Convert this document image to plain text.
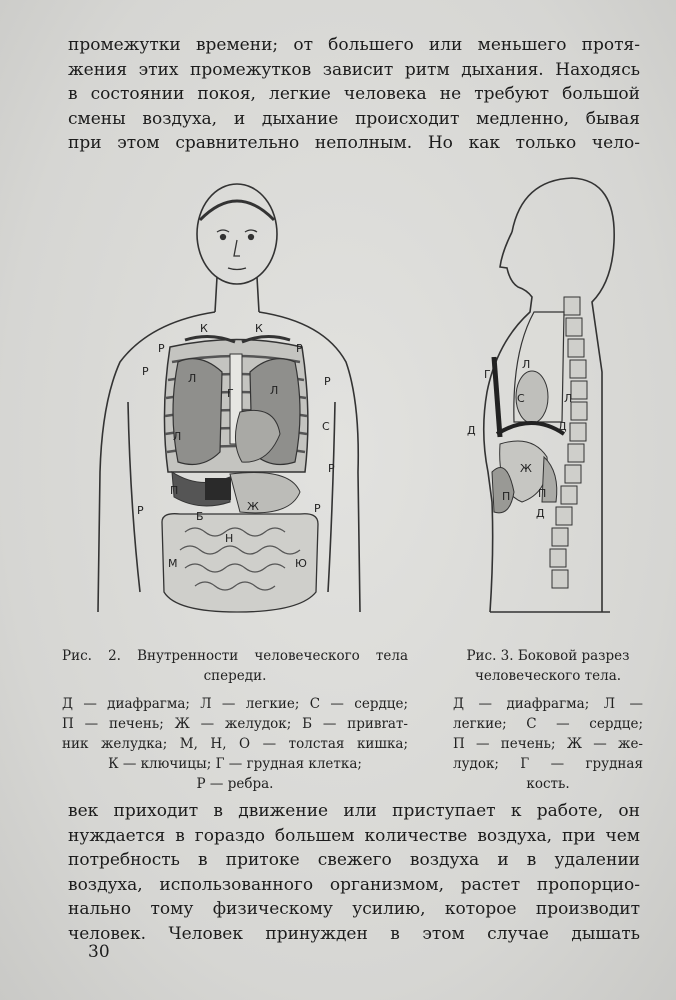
промежутки времени; от большего или меньшего протя-
жения этих промежутков зависит ритм дыхания. Находясь
в состоянии покоя, легкие человека не требуют большой
смены воздуха, и дыхание происходит медленно, бывая
при этом сравнительно неполным. Но как только чело-

К	К
Р	Р
Р
Р
Л
Л
Г
С
Р
Л
Р
Р
П
Ж
Б
Н
М	Ю
Г
Л
С	Л
Д	Д
Ж
П	П
Д
Рис. 2. Внутренности человеческого тела
спереди.
Д — диафрагма; Л — легкие; С — сердце;
П — печень; Ж — желудок; Б — привrат-
ник желудка; М, Н, О — толстая кишка;
К — ключицы; Г — грудная клетка;
Р — ребра.
Рис. 3. Боковой разрез
человеческого тела.
Д — диафрагма; Л —
легкие; С — сердце;
П — печень; Ж — же-
лудок; Г — грудная
кость.

век приходит в движение или приступает к работе, он
нуждается в гораздо большем количестве воздуха, при чем
потребность в притоке свежего воздуха и в удалении
воздуха, использованного организмом, растет пропорцио-
нально тому физическому усилию, которое производит
человек. Человек принужден в этом случае дышать

30
